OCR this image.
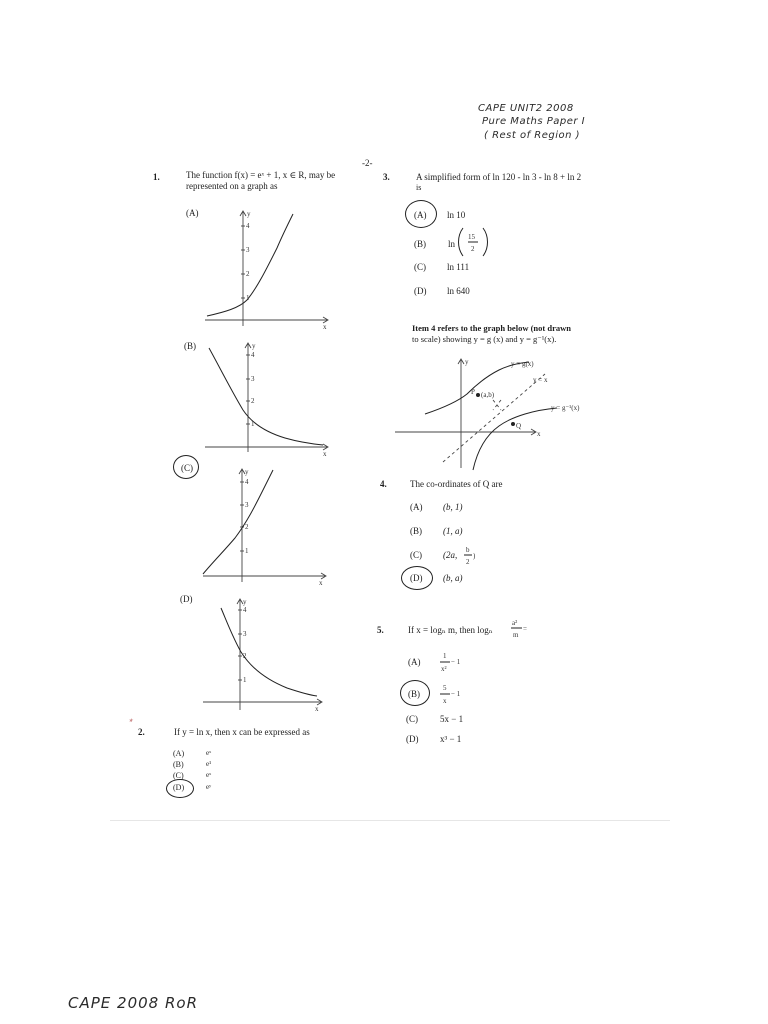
CAPE UNIT2 2008
Pure Maths Paper I
( Rest of Region )
-2-
1.	The function f(x) = eˣ + 1, x ∈ R, may be
represented on a graph as
(A)
(B)
(C)
(D)
y
x
4
3
2
1
y
x
4
3
2
1
y
x
4
3
2
1
y
x
4
3
2
1
٭
2.	If y = ln x, then x can be expressed as
(A)	eˣ
(B)	e¹
(C)	eˣ
(D)	eʸ
3.	A simplified form of ln 120 - ln 3 - ln 8 + ln 2
is
(A) ln 10
(B) ln
15
2
(C) ln 111
(D) ln 640
Item 4 refers to the graph below (not drawn
to scale) showing y = g (x) and y = g⁻¹(x).
y
x
y = g(x)
y = x
y = g⁻¹(x)
P (a,b)
Q
4.	The co-ordinates of Q are
(A) (b, 1)
(B) (1, a)
(C) (2a, b
2
)
(D) (b, a)
5.	If x = logₙ m, then logₙ
a²
m
=
(A)
1
x²
− 1
(B)
5
x
− 1
(C) 5x − 1
(D) x³ − 1
CAPE 2008 RoR
